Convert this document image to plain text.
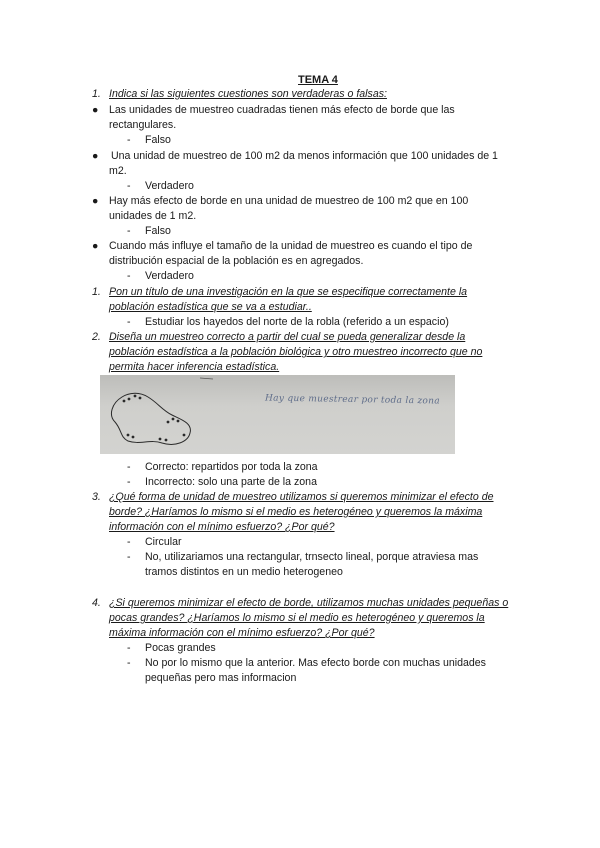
TEMA 4
1. Indica si las siguientes cuestiones son verdaderas o falsas:
● Las unidades de muestreo cuadradas tienen más efecto de borde que las
rectangulares.
- Falso
●	Una unidad de muestreo de 100 m2 da menos información que 100 unidades de 1
m2.
- Verdadero
● Hay más efecto de borde en una unidad de muestreo de 100 m2 que en 100
unidades de 1 m2.
- Falso
● Cuando más influye el tamaño de la unidad de muestreo es cuando el tipo de
distribución espacial de la población es en agregados.
- Verdadero
1. Pon un título de una investigación en la que se especifique correctamente la
población estadística que se va a estudiar..
- Estudiar los hayedos del norte de la robla (referido a un espacio)
2. Diseña un muestreo correcto a partir del cual se pueda generalizar desde la
población estadística a la población biológica y otro muestreo incorrecto que no
permita hacer inferencia estadística.
Hay que muestrear por toda la zona
- Correcto: repartidos por toda la zona
- Incorrecto: solo una parte de la zona
3. ¿Qué forma de unidad de muestreo utilizamos si queremos minimizar el efecto de
borde? ¿Haríamos lo mismo si el medio es heterogéneo y queremos la máxima
información con el mínimo esfuerzo? ¿Por qué?
- Circular
- No, utilizariamos una rectangular, trnsecto lineal, porque atraviesa mas
tramos distintos en un medio heterogeneo
4. ¿Si queremos minimizar el efecto de borde, utilizamos muchas unidades pequeñas o
pocas grandes? ¿Haríamos lo mismo si el medio es heterogéneo y queremos la
máxima información con el mínimo esfuerzo? ¿Por qué?
- Pocas grandes
- No por lo mismo que la anterior. Mas efecto borde con muchas unidades
pequeñas pero mas informacion
